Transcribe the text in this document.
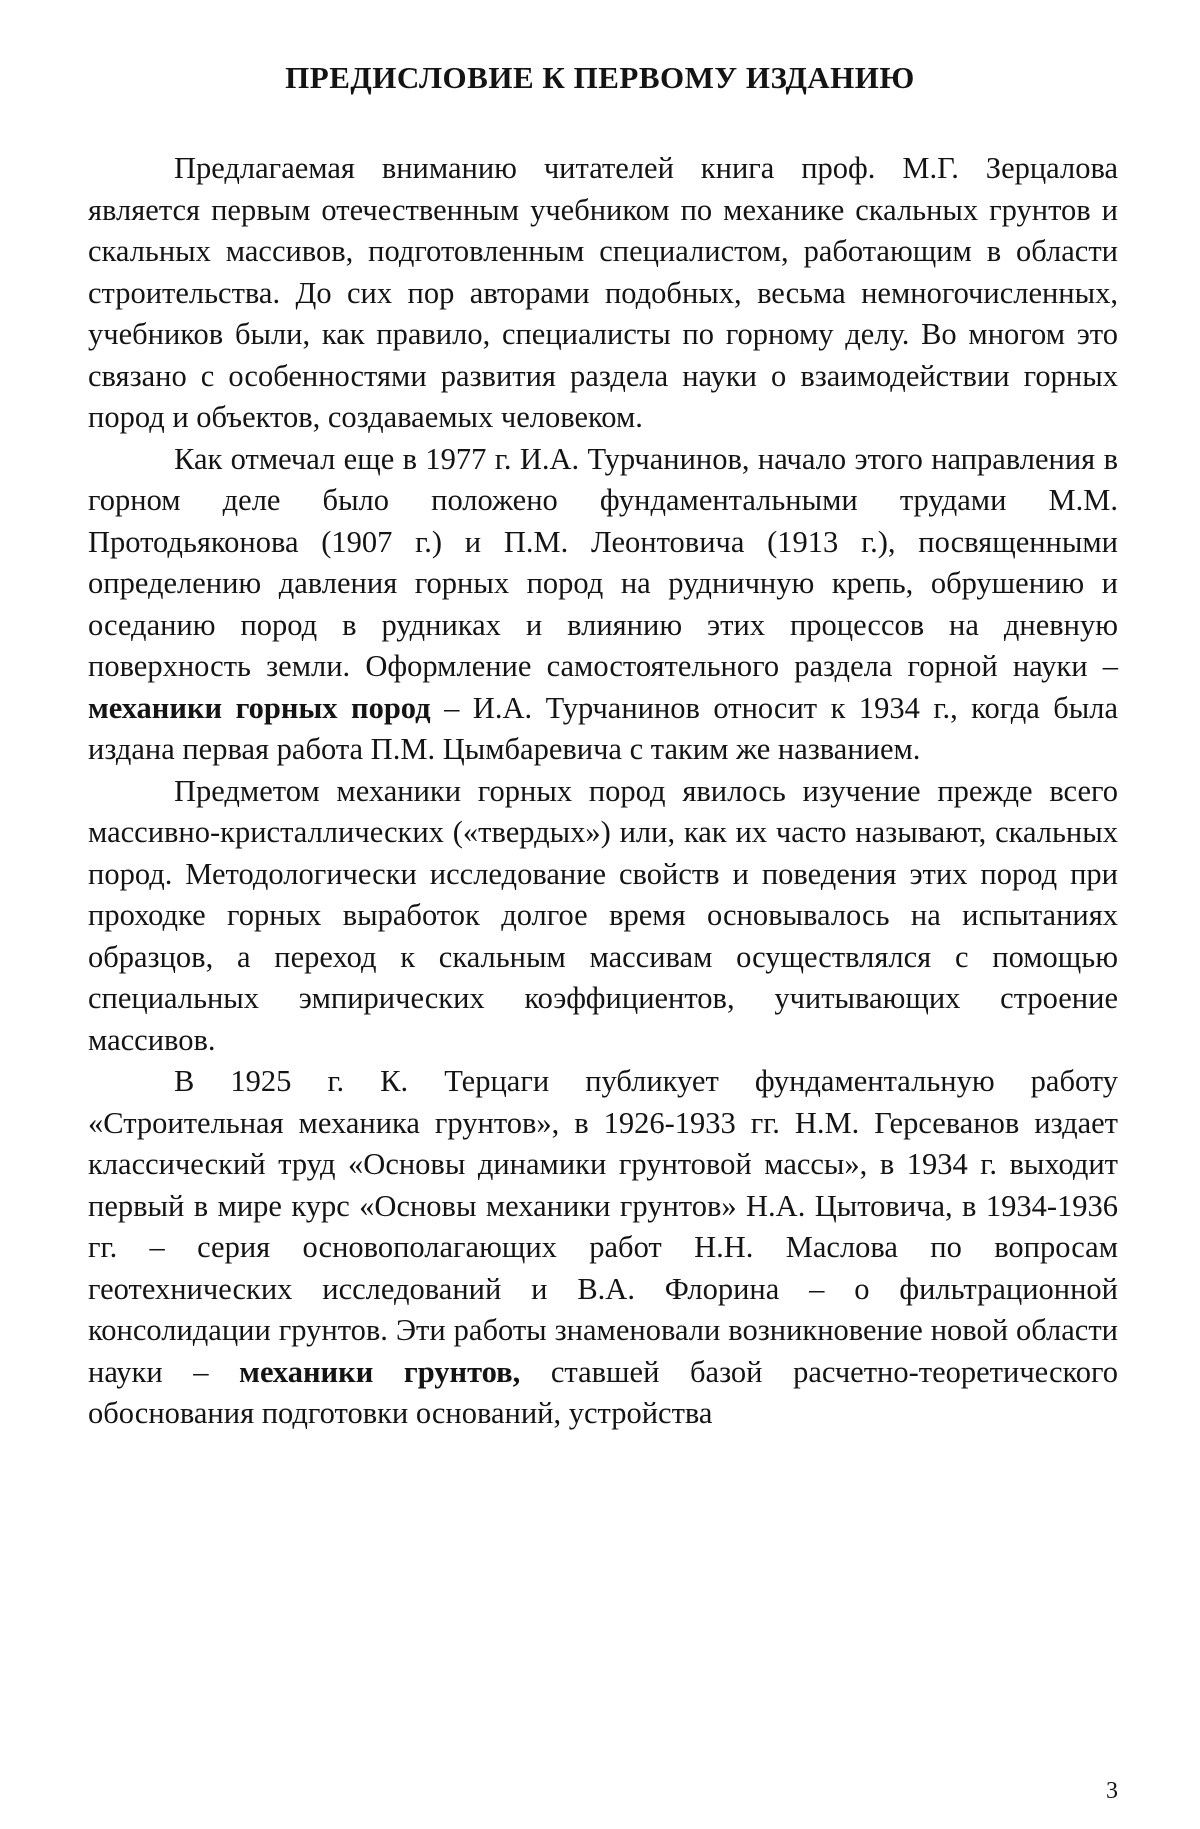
ПРЕДИСЛОВИЕ К ПЕРВОМУ ИЗДАНИЮ

Предлагаемая вниманию читателей книга проф. М.Г. Зерцалова является первым отечественным учебником по механике скальных грунтов и скальных массивов, подготовленным специалистом, работающим в области строительства. До сих пор авторами подобных, весьма немногочисленных, учебников были, как правило, специалисты по горному делу. Во многом это связано с особенностями развития раздела науки о взаимодействии горных пород и объектов, создаваемых человеком.

Как отмечал еще в 1977 г. И.А. Турчанинов, начало этого направления в горном деле было положено фундаментальными трудами М.М. Протодьяконова (1907 г.) и П.М. Леонтовича (1913 г.), посвященными определению давления горных пород на рудничную крепь, обрушению и оседанию пород в рудниках и влиянию этих процессов на дневную поверхность земли. Оформление самостоятельного раздела горной науки – механики горных пород – И.А. Турчанинов относит к 1934 г., когда была издана первая работа П.М. Цымбаревича с таким же названием.

Предметом механики горных пород явилось изучение прежде всего массивно-кристаллических («твердых») или, как их часто называют, скальных пород. Методологически исследование свойств и поведения этих пород при проходке горных выработок долгое время основывалось на испытаниях образцов, а переход к скальным массивам осуществлялся с помощью специальных эмпирических коэффициентов, учитывающих строение массивов.

В 1925 г. К. Терцаги публикует фундаментальную работу «Строительная механика грунтов», в 1926-1933 гг. Н.М. Герсеванов издает классический труд «Основы динамики грунтовой массы», в 1934 г. выходит первый в мире курс «Основы механики грунтов» Н.А. Цытовича, в 1934-1936 гг. – серия основополагающих работ Н.Н. Маслова по вопросам геотехнических исследований и В.А. Флорина – о фильтрационной консолидации грунтов. Эти работы знаменовали возникновение новой области науки – механики грунтов, ставшей базой расчетно-теоретического обоснования подготовки оснований, устройства

3
